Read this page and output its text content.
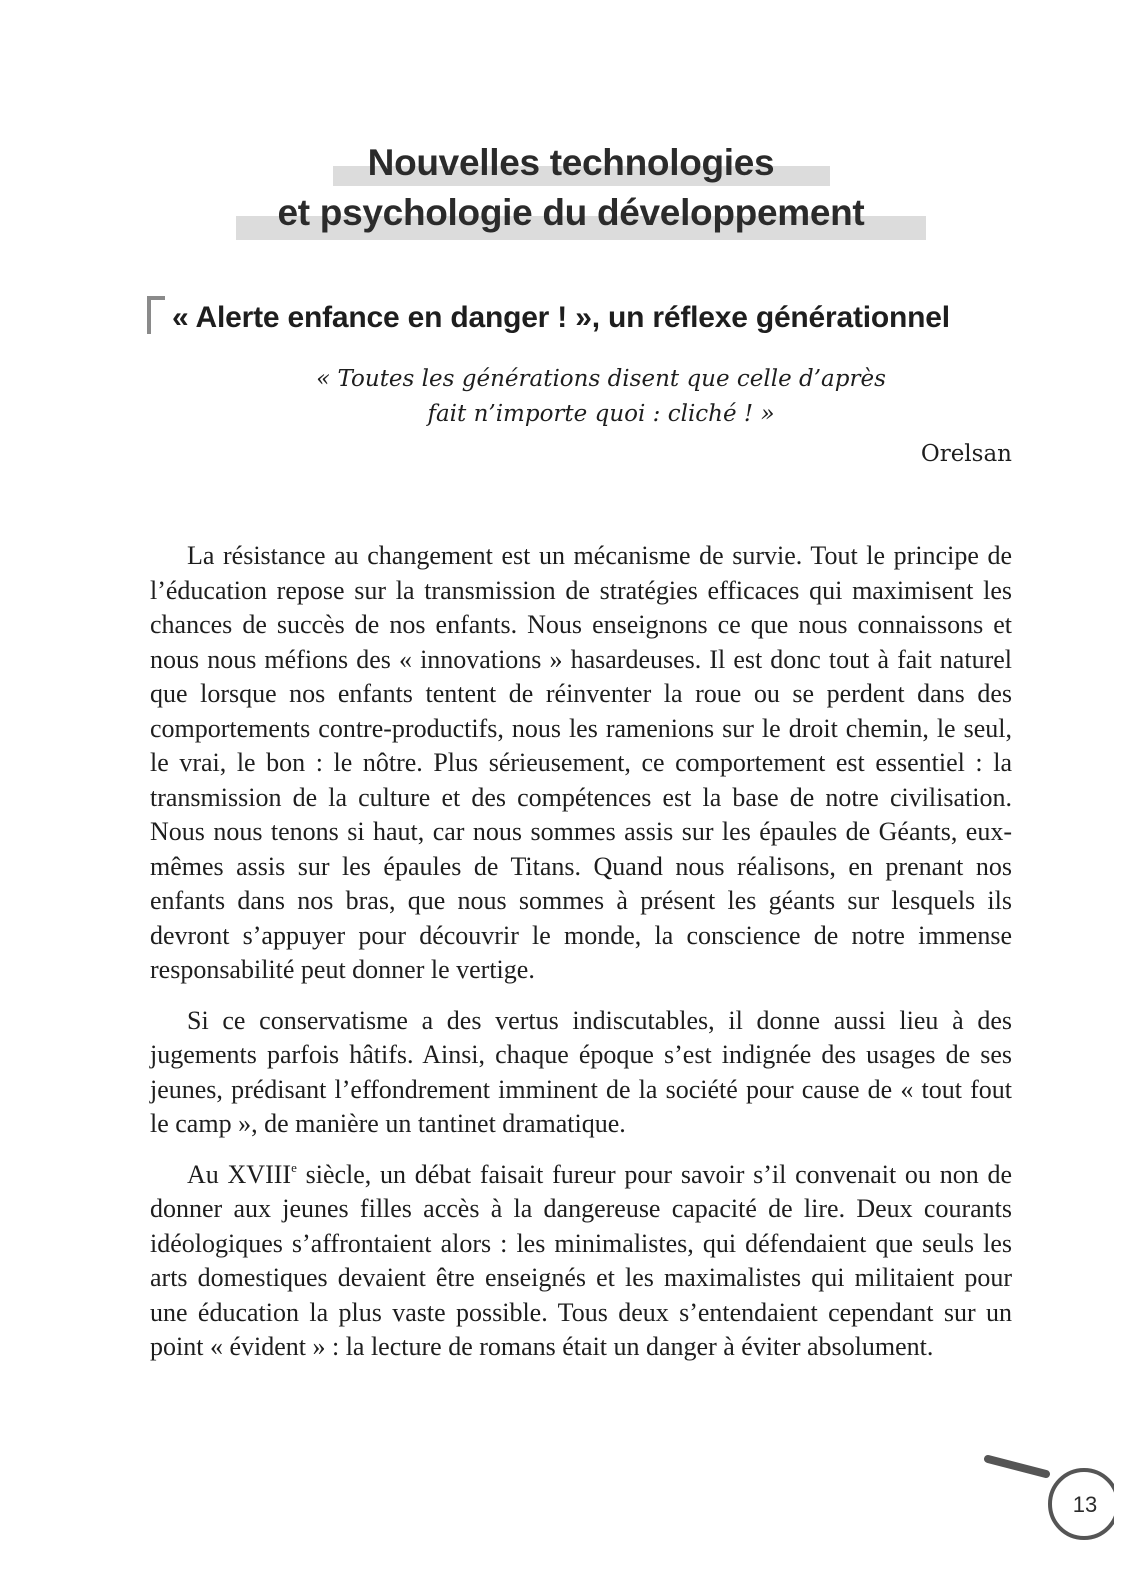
Nouvelles technologies
et psychologie du développement
« Alerte enfance en danger ! », un réflexe générationnel

« Toutes les générations disent que celle d’après
fait n’importe quoi : cliché ! »

Orelsan

La résistance au changement est un mécanisme de survie. Tout le principe de l’éducation repose sur la transmission de stratégies efficaces qui maximisent les chances de succès de nos enfants. Nous enseignons ce que nous connaissons et nous nous méfions des « innovations » hasardeuses. Il est donc tout à fait naturel que lorsque nos enfants tentent de réinventer la roue ou se perdent dans des comportements contre-productifs, nous les ramenions sur le droit chemin, le seul, le vrai, le bon : le nôtre. Plus sérieusement, ce comportement est essentiel : la transmission de la culture et des compétences est la base de notre civilisation. Nous nous tenons si haut, car nous sommes assis sur les épaules de Géants, eux-mêmes assis sur les épaules de Titans. Quand nous réalisons, en prenant nos enfants dans nos bras, que nous sommes à présent les géants sur lesquels ils devront s’appuyer pour découvrir le monde, la conscience de notre immense responsabilité peut donner le vertige.

Si ce conservatisme a des vertus indiscutables, il donne aussi lieu à des jugements parfois hâtifs. Ainsi, chaque époque s’est indignée des usages de ses jeunes, prédisant l’effondrement imminent de la société pour cause de « tout fout le camp », de manière un tantinet dramatique.

Au XVIIIe siècle, un débat faisait fureur pour savoir s’il convenait ou non de donner aux jeunes filles accès à la dangereuse capacité de lire. Deux courants idéologiques s’affrontaient alors : les minimalistes, qui défendaient que seuls les arts domestiques devaient être enseignés et les maximalistes qui militaient pour une éducation la plus vaste possible. Tous deux s’entendaient cependant sur un point « évident » : la lecture de romans était un danger à éviter absolument.

13
